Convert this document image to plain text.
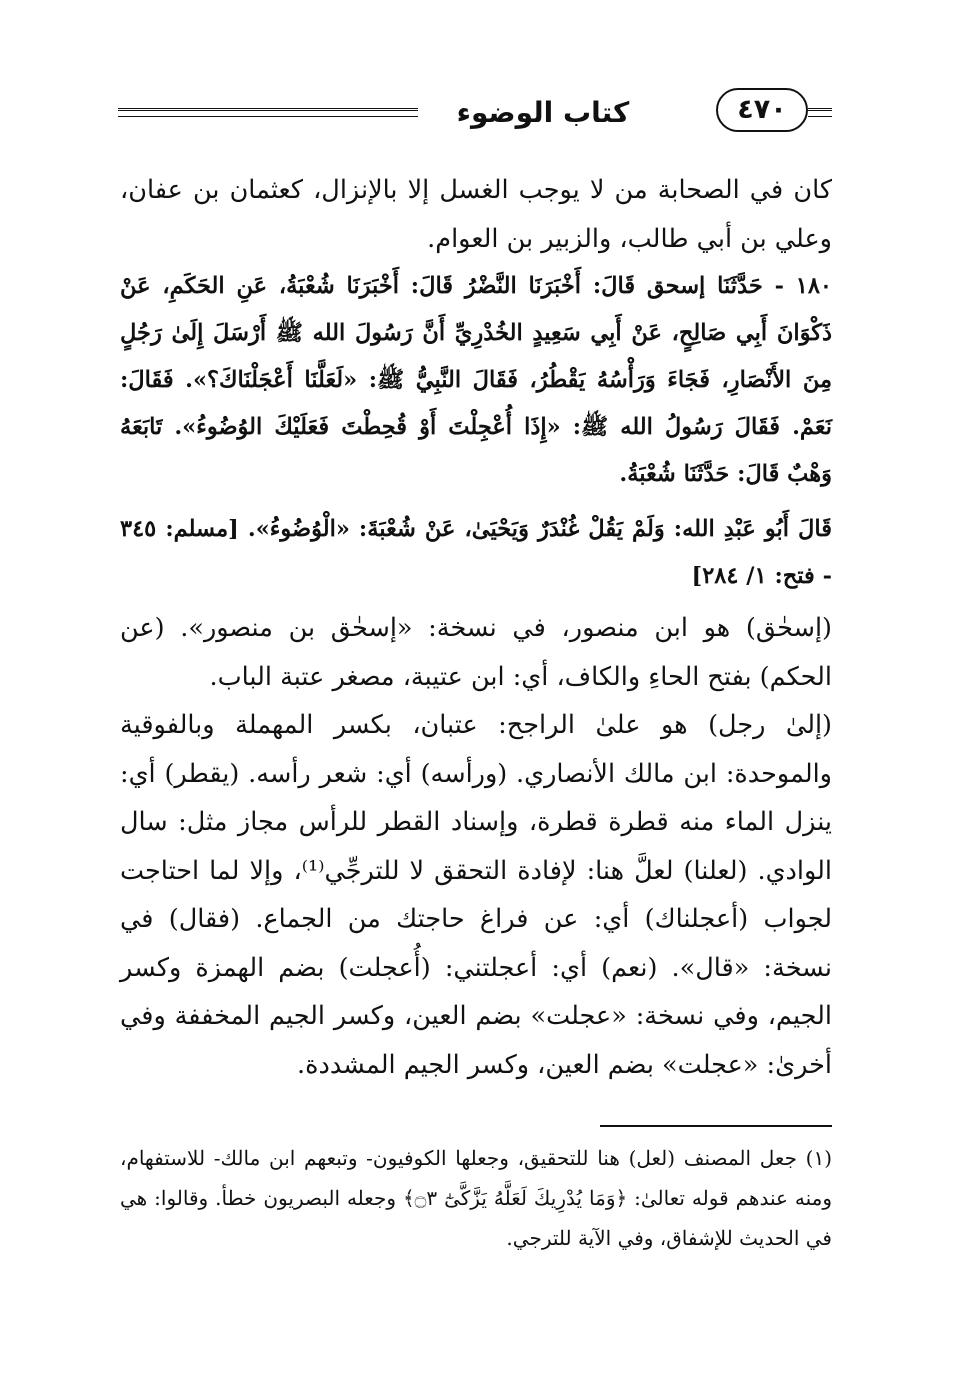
كتاب الوضوء	٤٧٠

كان في الصحابة من لا يوجب الغسل إلا بالإنزال، كعثمان بن عفان، وعلي بن أبي طالب، والزبير بن العوام.

١٨٠ - حَدَّثَنَا إسحق قَالَ: أَخْبَرَنَا النَّضْرُ قَالَ: أَخْبَرَنَا شُعْبَةُ، عَنِ الحَكَمِ، عَنْ ذَكْوَانَ أَبِي صَالِحٍ، عَنْ أَبِي سَعِيدٍ الخُدْرِيِّ أَنَّ رَسُولَ الله ﷺ أَرْسَلَ إِلَىٰ رَجُلٍ مِنَ الأَنْصَارِ، فَجَاءَ وَرَأْسُهُ يَقْطُرُ، فَقَالَ النَّبِيُّ ﷺ: «لَعَلَّنَا أَعْجَلْنَاكَ؟». فَقَالَ: نَعَمْ. فَقَالَ رَسُولُ الله ﷺ: «إِذَا أُعْجِلْتَ أَوْ قُحِطْتَ فَعَلَيْكَ الوُضُوءُ». تَابَعَهُ وَهْبٌ قَالَ: حَدَّثَنَا شُعْبَةُ.

قَالَ أَبُو عَبْدِ الله: وَلَمْ يَقُلْ غُنْدَرٌ وَيَحْيَىٰ، عَنْ شُعْبَةَ: «الْوُضُوءُ». [مسلم: ٣٤٥ - فتح: ١/ ٢٨٤]

(إسحٰق) هو ابن منصور، في نسخة: «إسحٰق بن منصور». (عن الحكم) بفتح الحاءِ والكاف، أي: ابن عتيبة، مصغر عتبة الباب.

(إلىٰ رجل) هو علىٰ الراجح: عتبان، بكسر المهملة وبالفوقية والموحدة: ابن مالك الأنصاري. (ورأسه) أي: شعر رأسه. (يقطر) أي: ينزل الماء منه قطرة قطرة، وإسناد القطر للرأس مجاز مثل: سال الوادي. (لعلنا) لعلَّ هنا: لإفادة التحقق لا للترجِّي⁽¹⁾، وإلا لما احتاجت لجواب (أعجلناك) أي: عن فراغ حاجتك من الجماع. (فقال) في نسخة: «قال». (نعم) أي: أعجلتني: (أُعجلت) بضم الهمزة وكسر الجيم، وفي نسخة: «عجلت» بضم العين، وكسر الجيم المخففة وفي أخرىٰ: «عجلت» بضم العين، وكسر الجيم المشددة.

(١) جعل المصنف (لعل) هنا للتحقيق، وجعلها الكوفيون- وتبعهم ابن مالك- للاستفهام، ومنه عندهم قوله تعالىٰ: ﴿وَمَا يُدْرِيكَ لَعَلَّهُ يَزَّكَّىٰٓ ۝٣﴾ وجعله البصريون خطأ. وقالوا: هي في الحديث للإشفاق، وفي الآية للترجي.
